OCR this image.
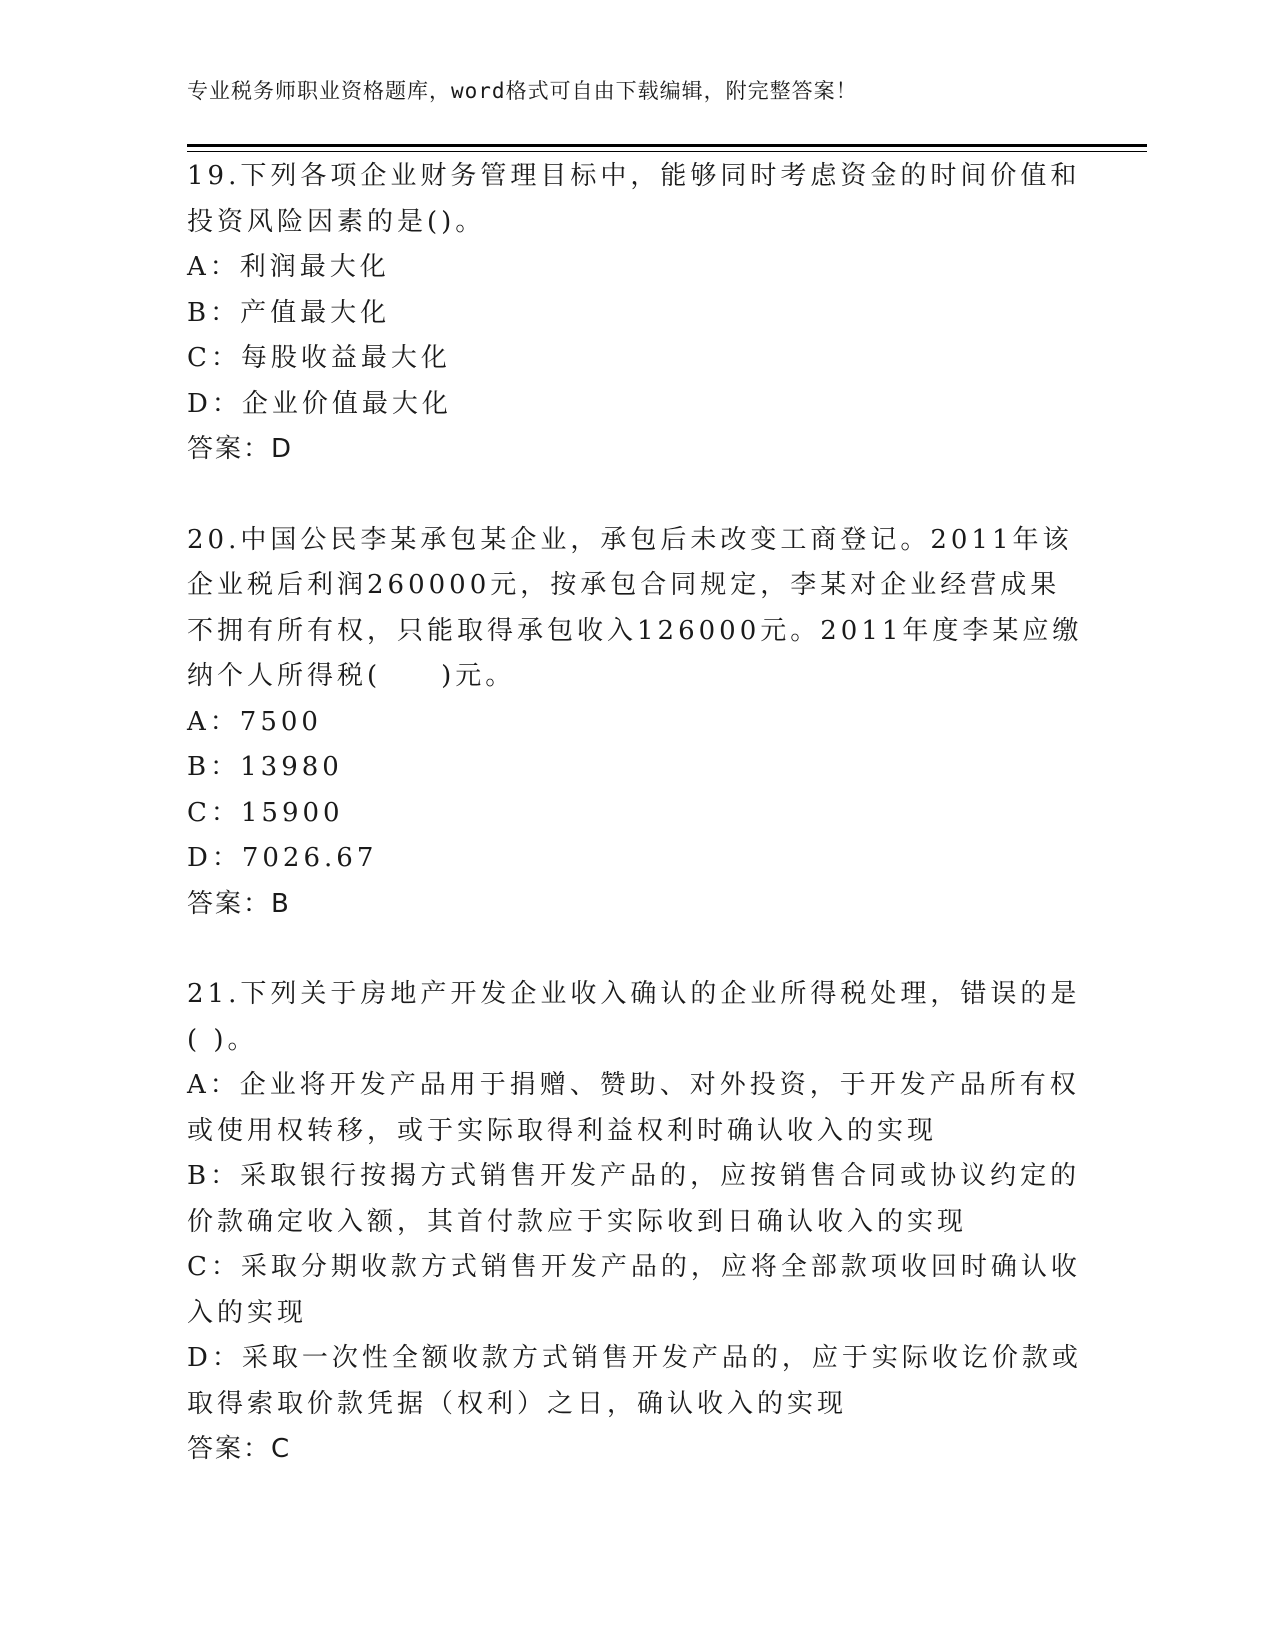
专业税务师职业资格题库，word格式可自由下载编辑，附完整答案！

19.下列各项企业财务管理目标中，能够同时考虑资金的时间价值和投资风险因素的是()。

A：利润最大化

B：产值最大化

C：每股收益最大化

D：企业价值最大化

答案：D

20.中国公民李某承包某企业，承包后未改变工商登记。2011年该企业税后利润260000元，按承包合同规定，李某对企业经营成果不拥有所有权，只能取得承包收入126000元。2011年度李某应缴纳个人所得税(　　)元。

A：7500

B：13980

C：15900

D：7026.67

答案：B

21.下列关于房地产开发企业收入确认的企业所得税处理，错误的是( )。

A：企业将开发产品用于捐赠、赞助、对外投资，于开发产品所有权或使用权转移，或于实际取得利益权利时确认收入的实现

B：采取银行按揭方式销售开发产品的，应按销售合同或协议约定的价款确定收入额，其首付款应于实际收到日确认收入的实现

C：采取分期收款方式销售开发产品的，应将全部款项收回时确认收入的实现

D：采取一次性全额收款方式销售开发产品的，应于实际收讫价款或取得索取价款凭据（权利）之日，确认收入的实现

答案：C
